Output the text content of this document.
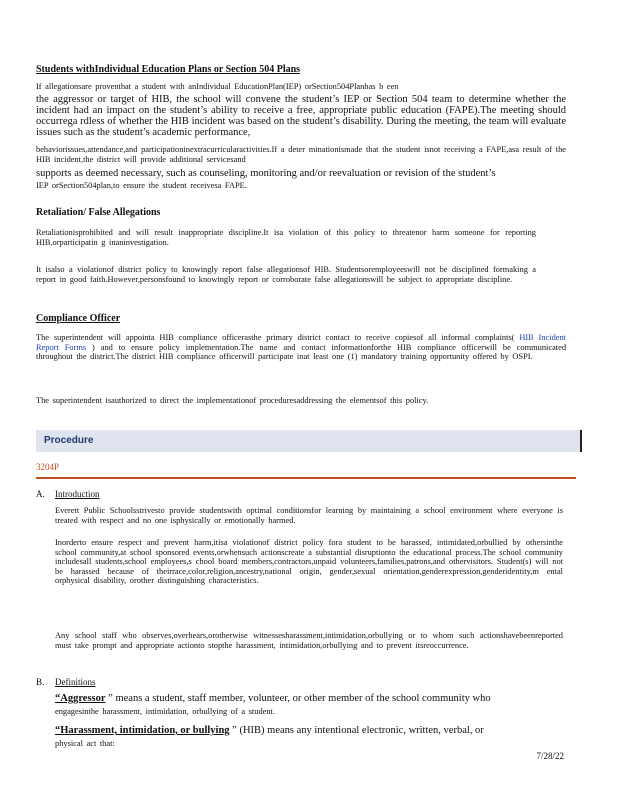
Students withIndividual Education Plans or Section 504 Plans
If allegationsare proventhat a student with anIndividual EducationPlan(IEP) orSection504Planhas b een
the aggressor or target of HIB, the school will convene the student’s IEP or Section 504 team to determine whether the incident had an impact on the student’s ability to receive a free, appropriate public education (FAPE).The meeting should occurrega rdless of whether the HIB incident was based on the student’s disability. During the meeting, the team will evaluate issues such as the student’s academic performance,
behaviorissues,attendance,and participationinextracurricularactivities.If a deter minationismade that the student isnot receiving a FAPE,asa result of the HIB incident,the district will provide additional servicesand
supports as deemed necessary, such as counseling, monitoring and/or reevaluation or revision of the student’s
IEP orSection504plan,to ensure the student receivesa FAPE.
Retaliation/ False Allegations
Retaliationisprohibited and will result inappropriate discipline.It isa violation of this policy to threatenor harm someone for reporting HIB,orparticipatin g inaninvestigation.
It isalso a violationof district policy to knowingly report false allegationsof HIB. Studentsoremployeeswill not be disciplined formaking a report in good faith.However,personsfound to knowingly report or corroborate false allegationswill be subject to appropriate discipline.
Compliance Officer
The superintendent will appointa HIB compliance officerasthe primary district contact to receive copiesof all informal complaints( HIB Incident Report Forms ) and to ensure policy implementation.The name and contact informationforthe HIB compliance officerwill be communicated throughout the district.The district HIB compliance officerwill participate inat least one (1) mandatory training opportunity offered by OSPI.
The superintendent isauthorized to direct the implementationof proceduresaddressing the elementsof this policy.
Procedure
3204P
A. Introduction
Everett Public Schoolsstrivesto provide studentswith optimal conditionsfor learning by maintaining a school environment where everyone is treated with respect and no one isphysically or emotionally harmed.
Inorderto ensure respect and prevent harm,itisa violationof district policy fora student to be harassed, intimidated,orbullied by othersinthe school community,at school sponsored events,orwhensuch actionscreate a substantial disruptionto the educational process.The school community includesall students,school employees,s chool board members,contractors,unpaid volunteers,families,patrons,and othervisitors. Student(s) will not be harassed because of theirrace,color,religion,ancestry,national origin, gender,sexual orientation,genderexpression,genderidentity,m ental orphysical disability, orother distinguishing characteristics.
Any school staff who observes,overhears,orotherwise witnessesharassment,intimidation,orbullying or to whom such actionshavebeenreported must take prompt and appropriate actionto stopthe harassment, intimidation,orbullying and to prevent itsreoccurrence.
B. Definitions
“Aggressor ” means a student, staff member, volunteer, or other member of the school community who
engagesinthe harassment, intimidation, orbullying of a student.
“Harassment, intimidation, or bullying ” (HIB) means any intentional electronic, written, verbal, or
physical act that:
7/28/22
